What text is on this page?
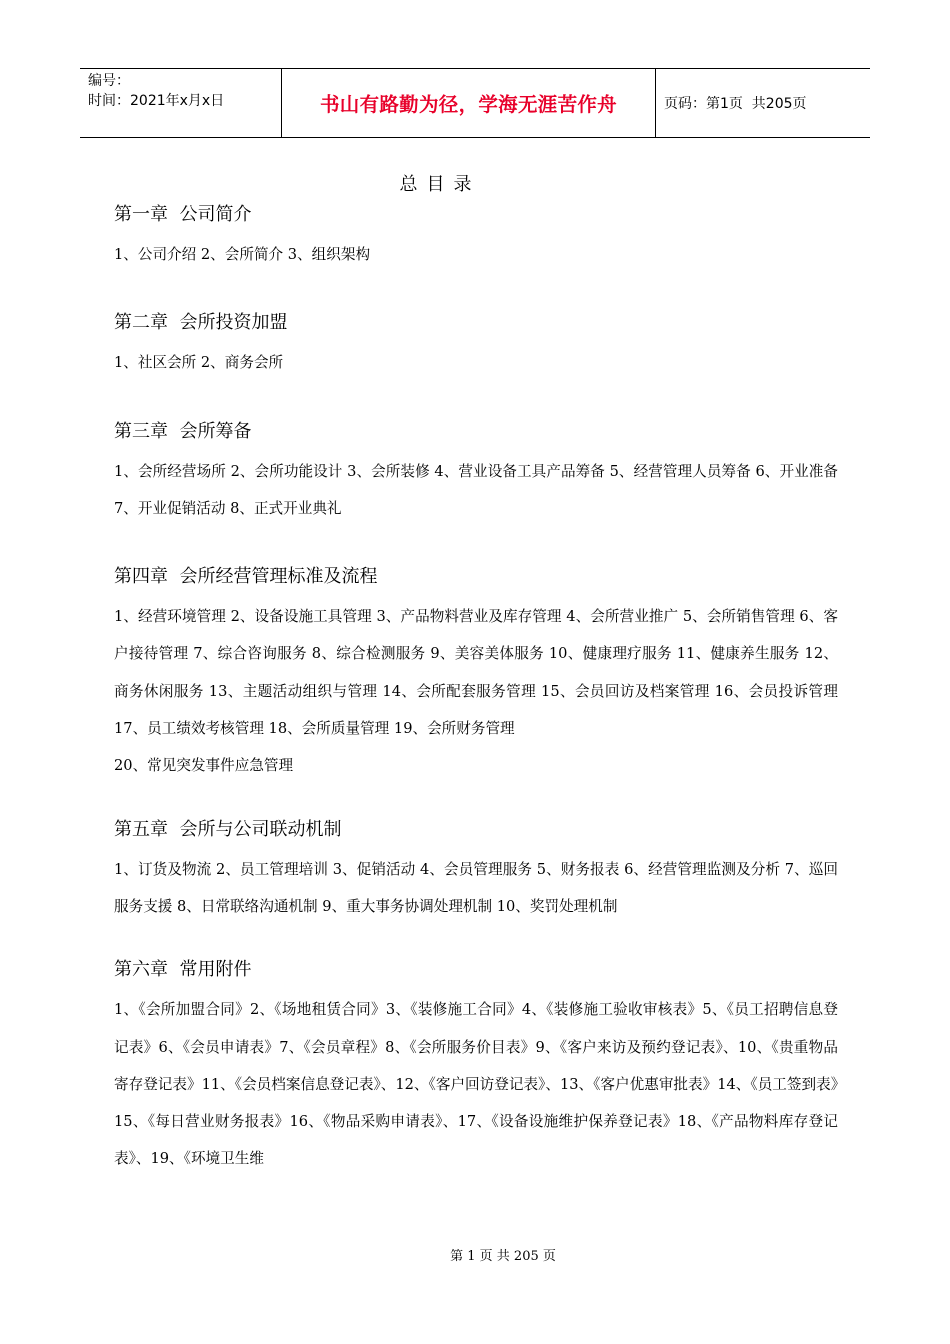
编号：
时间：2021年x月x日	书山有路勤为径，学海无涯苦作舟	页码：第1页  共205页
总目录
第一章  公司简介

1、公司介绍 2、会所简介 3、组织架构

第二章  会所投资加盟

1、社区会所 2、商务会所

第三章  会所筹备

1、会所经营场所 2、会所功能设计 3、会所装修 4、营业设备工具产品筹备 5、经营管理人员筹备 6、开业准备 7、开业促销活动 8、正式开业典礼

第四章  会所经营管理标准及流程

1、经营环境管理 2、设备设施工具管理 3、产品物料营业及库存管理 4、会所营业推广 5、会所销售管理 6、客户接待管理 7、综合咨询服务 8、综合检测服务 9、美容美体服务 10、健康理疗服务 11、健康养生服务 12、商务休闲服务 13、主题活动组织与管理 14、会所配套服务管理 15、会员回访及档案管理 16、会员投诉管理 17、员工绩效考核管理 18、会所质量管理 19、会所财务管理

20、常见突发事件应急管理

第五章  会所与公司联动机制

1、订货及物流 2、员工管理培训 3、促销活动 4、会员管理服务 5、财务报表 6、经营管理监测及分析 7、巡回服务支援 8、日常联络沟通机制 9、重大事务协调处理机制 10、奖罚处理机制

第六章  常用附件

1、《会所加盟合同》2、《场地租赁合同》3、《装修施工合同》4、《装修施工验收审核表》5、《员工招聘信息登记表》6、《会员申请表》7、《会员章程》8、《会所服务价目表》9、《客户来访及预约登记表》、10、《贵重物品寄存登记表》11、《会员档案信息登记表》、12、《客户回访登记表》、13、《客户优惠审批表》14、《员工签到表》15、《每日营业财务报表》16、《物品采购申请表》、17、《设备设施维护保养登记表》18、《产品物料库存登记表》、19、《环境卫生维

第 1 页 共 205 页
